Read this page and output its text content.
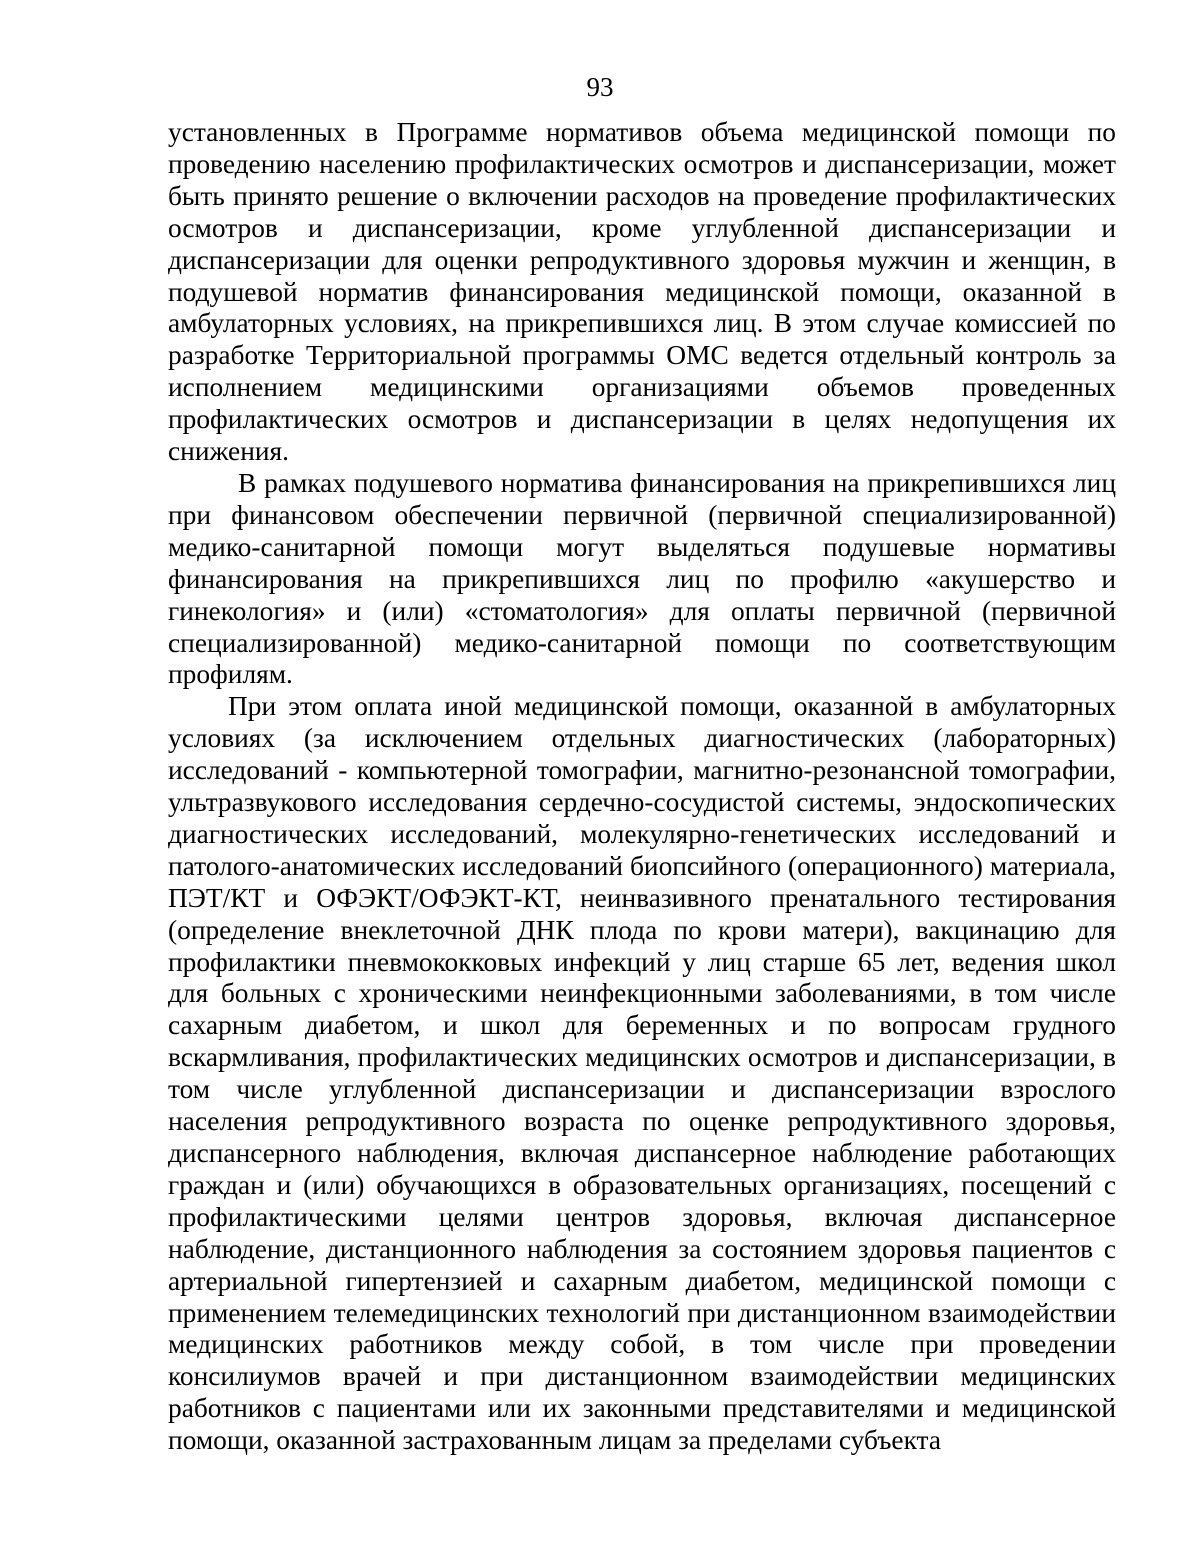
93

установленных в Программе нормативов объема медицинской помощи по проведению населению профилактических осмотров и диспансеризации, может быть принято решение о включении расходов на проведение профилактических осмотров и диспансеризации, кроме углубленной диспансеризации и диспансеризации для оценки репродуктивного здоровья мужчин и женщин, в подушевой норматив финансирования медицинской помощи, оказанной в амбулаторных условиях, на прикрепившихся лиц. В этом случае комиссией по разработке Территориальной программы ОМС ведется отдельный контроль за исполнением медицинскими организациями объемов проведенных профилактических осмотров и диспансеризации в целях недопущения их снижения.

В рамках подушевого норматива финансирования на прикрепившихся лиц при финансовом обеспечении первичной (первичной специализированной) медико-санитарной помощи могут выделяться подушевые нормативы финансирования на прикрепившихся лиц по профилю «акушерство и гинекология» и (или) «стоматология» для оплаты первичной (первичной специализированной) медико-санитарной помощи по соответствующим профилям.

При этом оплата иной медицинской помощи, оказанной в амбулаторных условиях (за исключением отдельных диагностических (лабораторных) исследований - компьютерной томографии, магнитно-резонансной томографии, ультразвукового исследования сердечно-сосудистой системы, эндоскопических диагностических исследований, молекулярно-генетических исследований и патолого-анатомических исследований биопсийного (операционного) материала, ПЭТ/КТ и ОФЭКТ/ОФЭКТ-КТ, неинвазивного пренатального тестирования (определение внеклеточной ДНК плода по крови матери), вакцинацию для профилактики пневмококковых инфекций у лиц старше 65 лет, ведения школ для больных с хроническими неинфекционными заболеваниями, в том числе сахарным диабетом, и школ для беременных и по вопросам грудного вскармливания, профилактических медицинских осмотров и диспансеризации, в том числе углубленной диспансеризации и диспансеризации взрослого населения репродуктивного возраста по оценке репродуктивного здоровья, диспансерного наблюдения, включая диспансерное наблюдение работающих граждан и (или) обучающихся в образовательных организациях, посещений с профилактическими целями центров здоровья, включая диспансерное наблюдение, дистанционного наблюдения за состоянием здоровья пациентов с артериальной гипертензией и сахарным диабетом, медицинской помощи с применением телемедицинских технологий при дистанционном взаимодействии медицинских работников между собой, в том числе при проведении консилиумов врачей и при дистанционном взаимодействии медицинских работников с пациентами или их законными представителями и медицинской помощи, оказанной застрахованным лицам за пределами субъекта
